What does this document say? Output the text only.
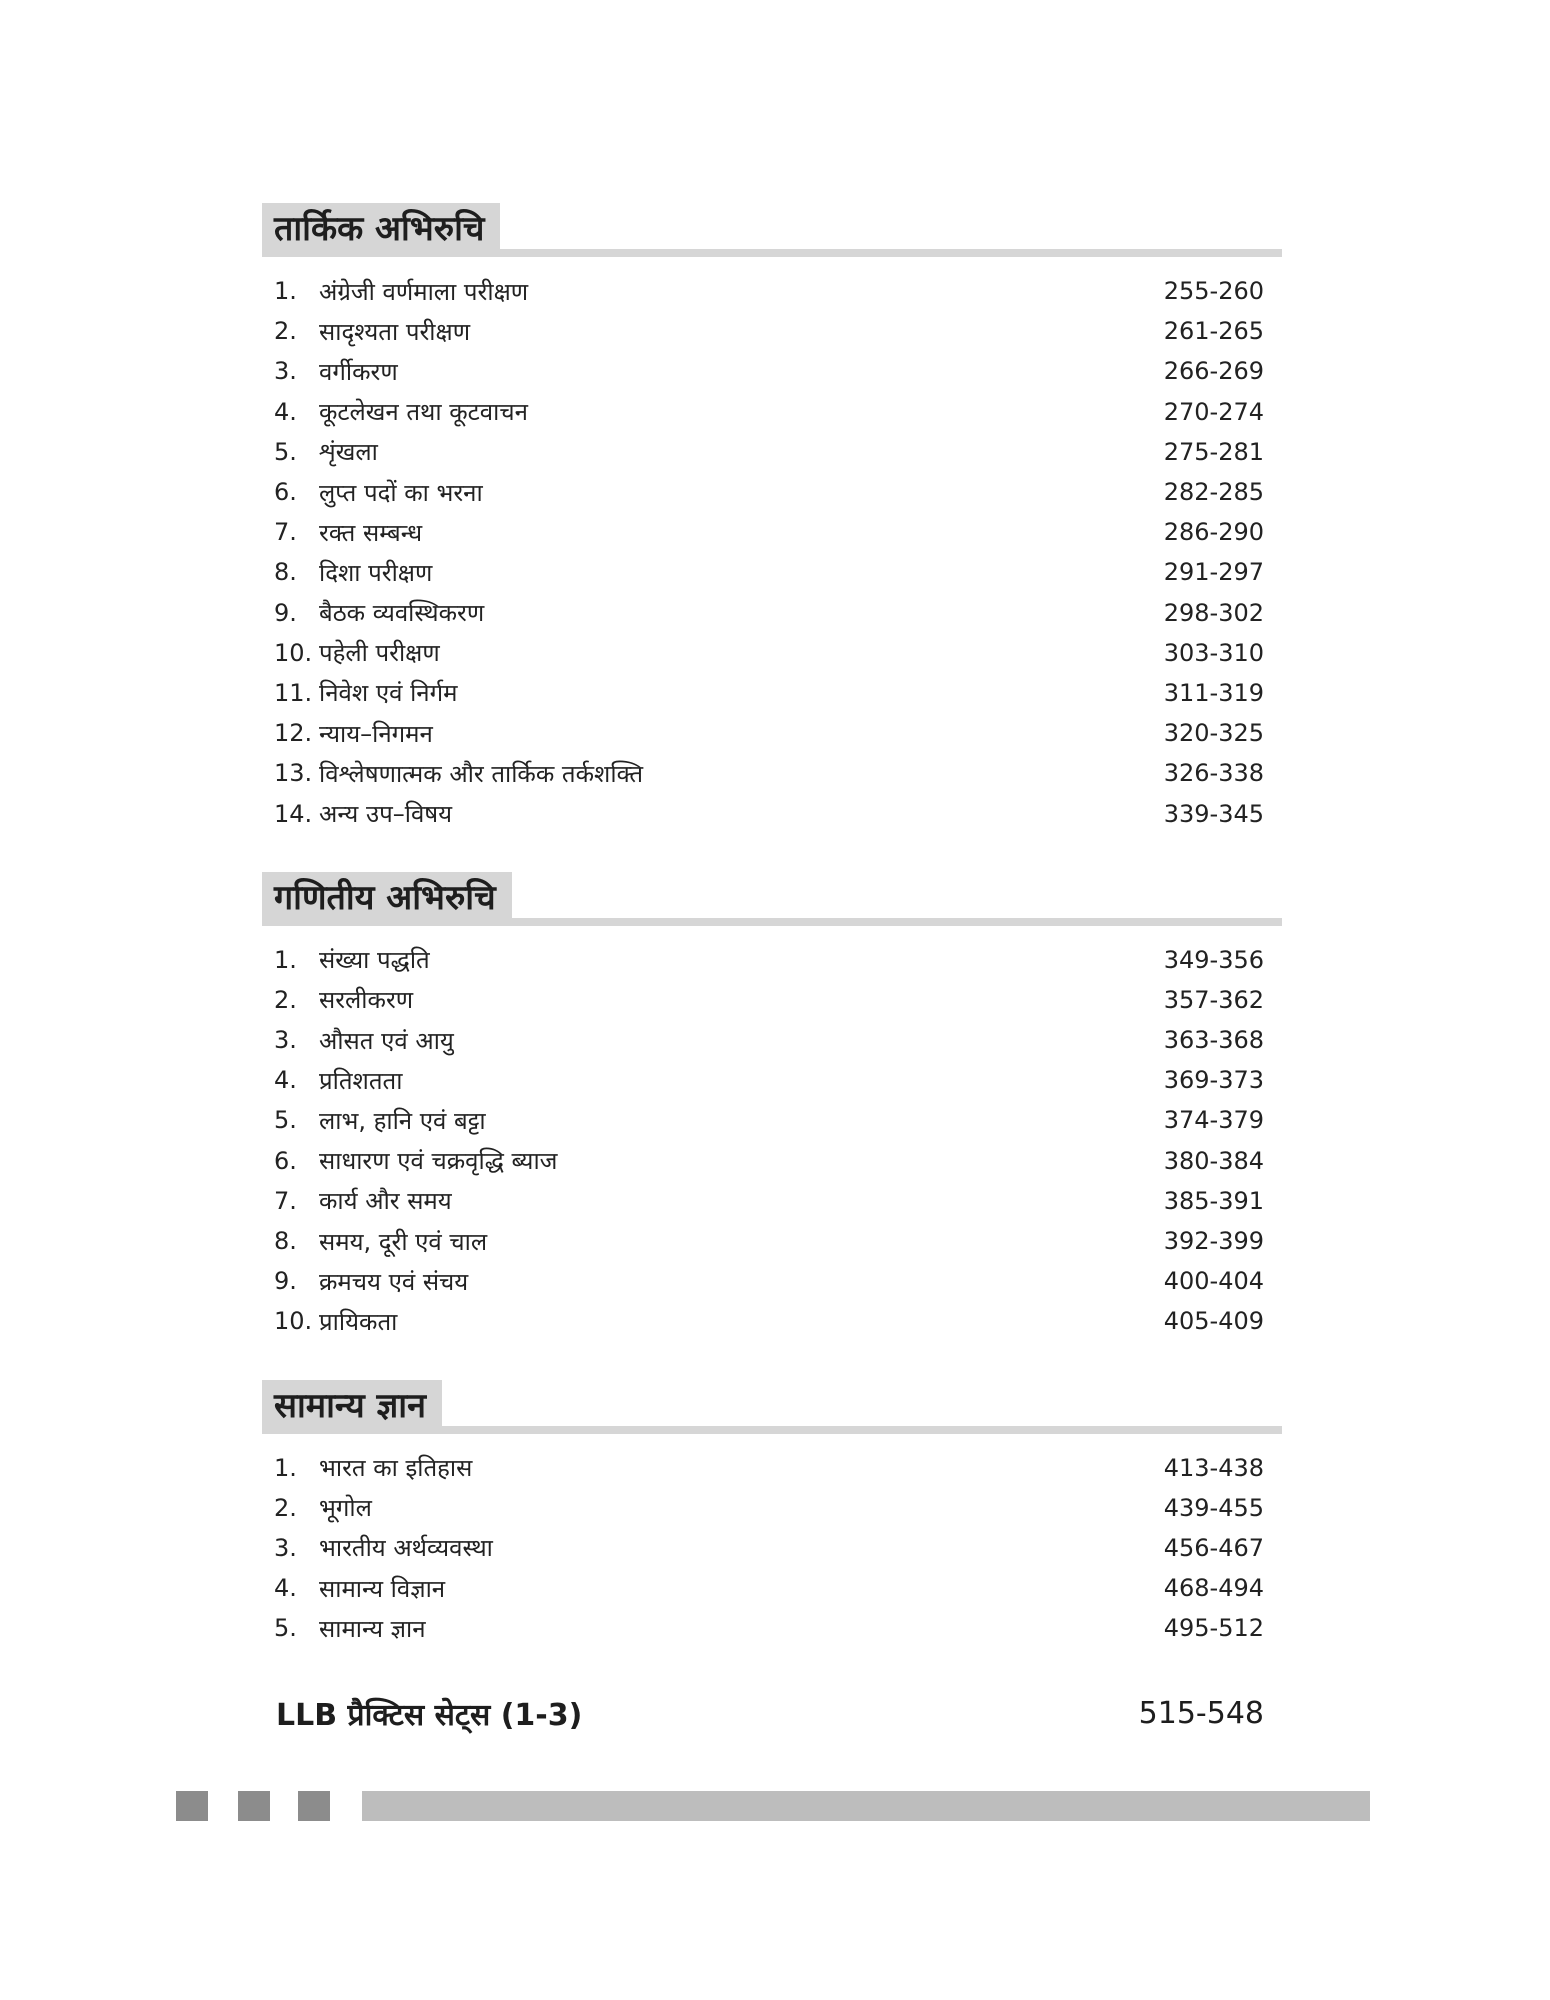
तार्किक अभिरुचि
1. अंग्रेजी वर्णमाला परीक्षण	255-260
2. सादृश्यता परीक्षण	261-265
3. वर्गीकरण	266-269
4. कूटलेखन तथा कूटवाचन	270-274
5. शृंखला	275-281
6. लुप्त पदों का भरना	282-285
7. रक्त सम्बन्ध	286-290
8. दिशा परीक्षण	291-297
9. बैठक व्यवस्थिकरण	298-302
10. पहेली परीक्षण	303-310
11. निवेश एवं निर्गम	311-319
12. न्याय–निगमन	320-325
13. विश्लेषणात्मक और तार्किक तर्कशक्ति	326-338
14. अन्य उप–विषय	339-345
गणितीय अभिरुचि
1. संख्या पद्धति	349-356
2. सरलीकरण	357-362
3. औसत एवं आयु	363-368
4. प्रतिशतता	369-373
5. लाभ, हानि एवं बट्टा	374-379
6. साधारण एवं चक्रवृद्धि ब्याज	380-384
7. कार्य और समय	385-391
8. समय, दूरी एवं चाल	392-399
9. क्रमचय एवं संचय	400-404
10. प्रायिकता	405-409
सामान्य ज्ञान
1. भारत का इतिहास	413-438
2. भूगोल	439-455
3. भारतीय अर्थव्यवस्था	456-467
4. सामान्य विज्ञान	468-494
5. सामान्य ज्ञान	495-512
LLB प्रैक्टिस सेट्स (1-3)	515-548
